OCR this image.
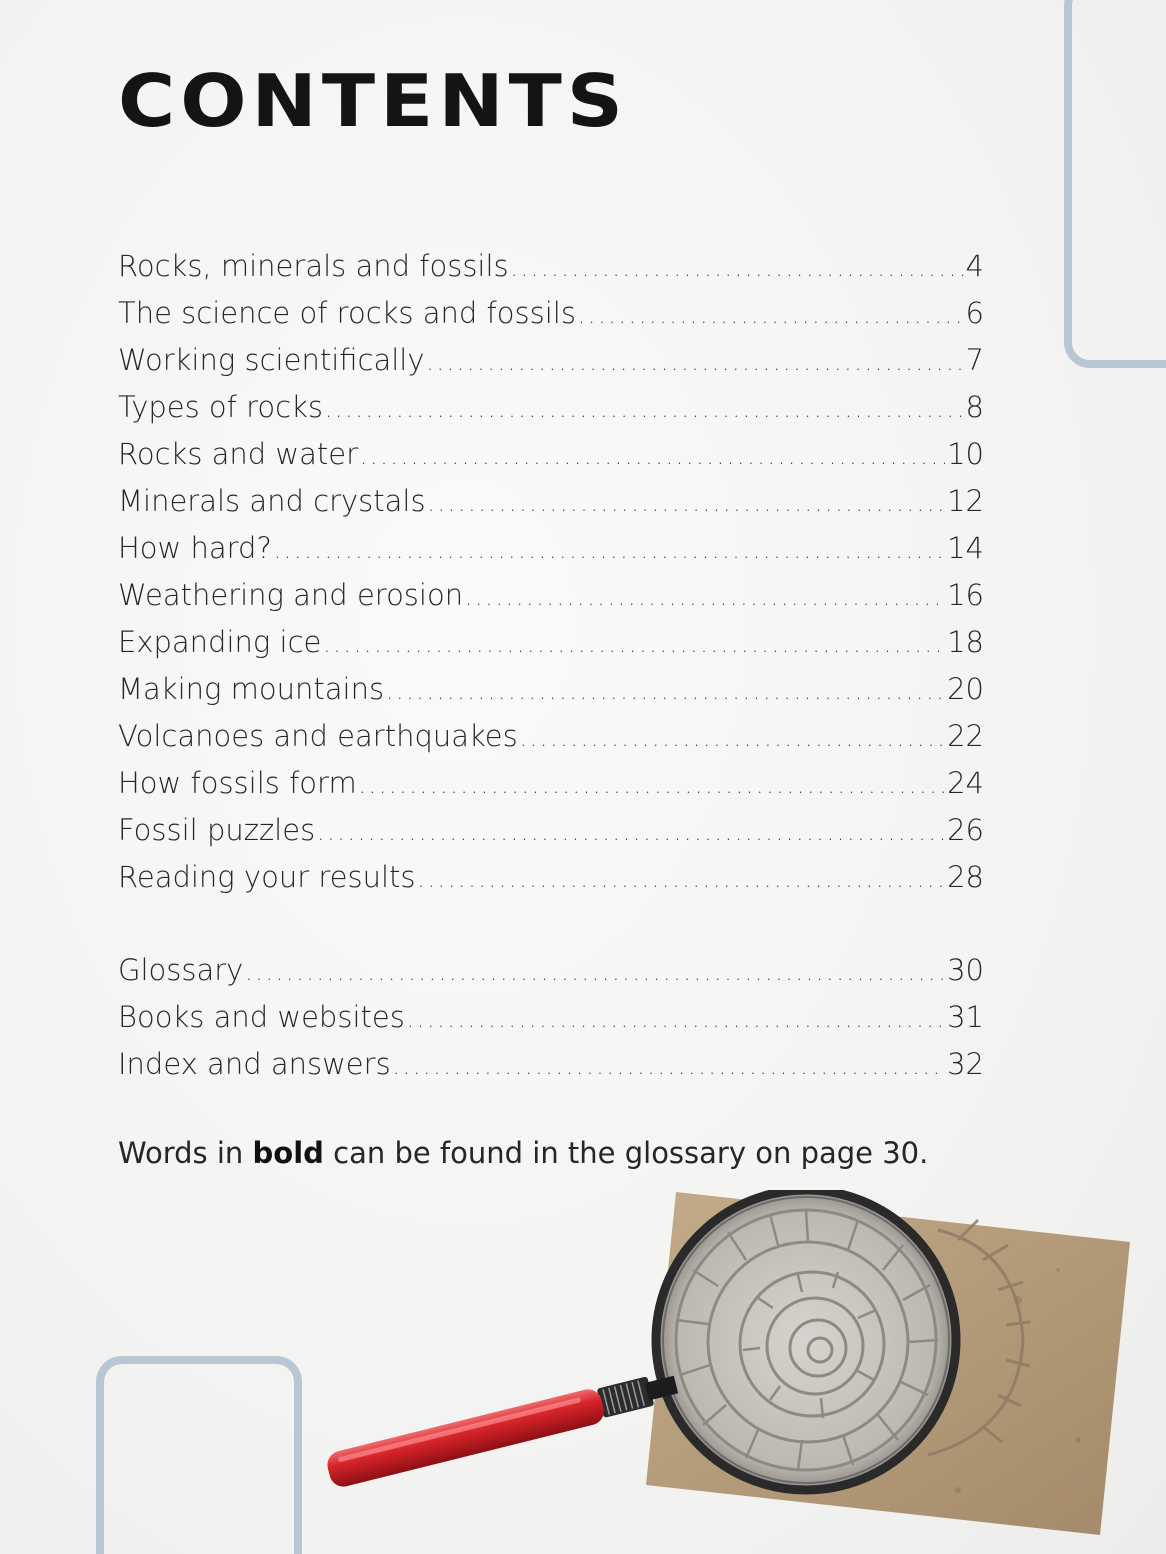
CONTENTS
Rocks, minerals and fossils .....	4
The science of rocks and fossils .....	6
Working scientifically .....	7
Types of rocks .....	8
Rocks and water .....	10
Minerals and crystals .....	12
How hard? .....	14
Weathering and erosion .....	16
Expanding ice .....	18
Making mountains .....	20
Volcanoes and earthquakes .....	22
How fossils form .....	24
Fossil puzzles .....	26
Reading your results .....	28
Glossary .....	30
Books and websites .....	31
Index and answers .....	32
Words in bold can be found in the glossary on page 30.
